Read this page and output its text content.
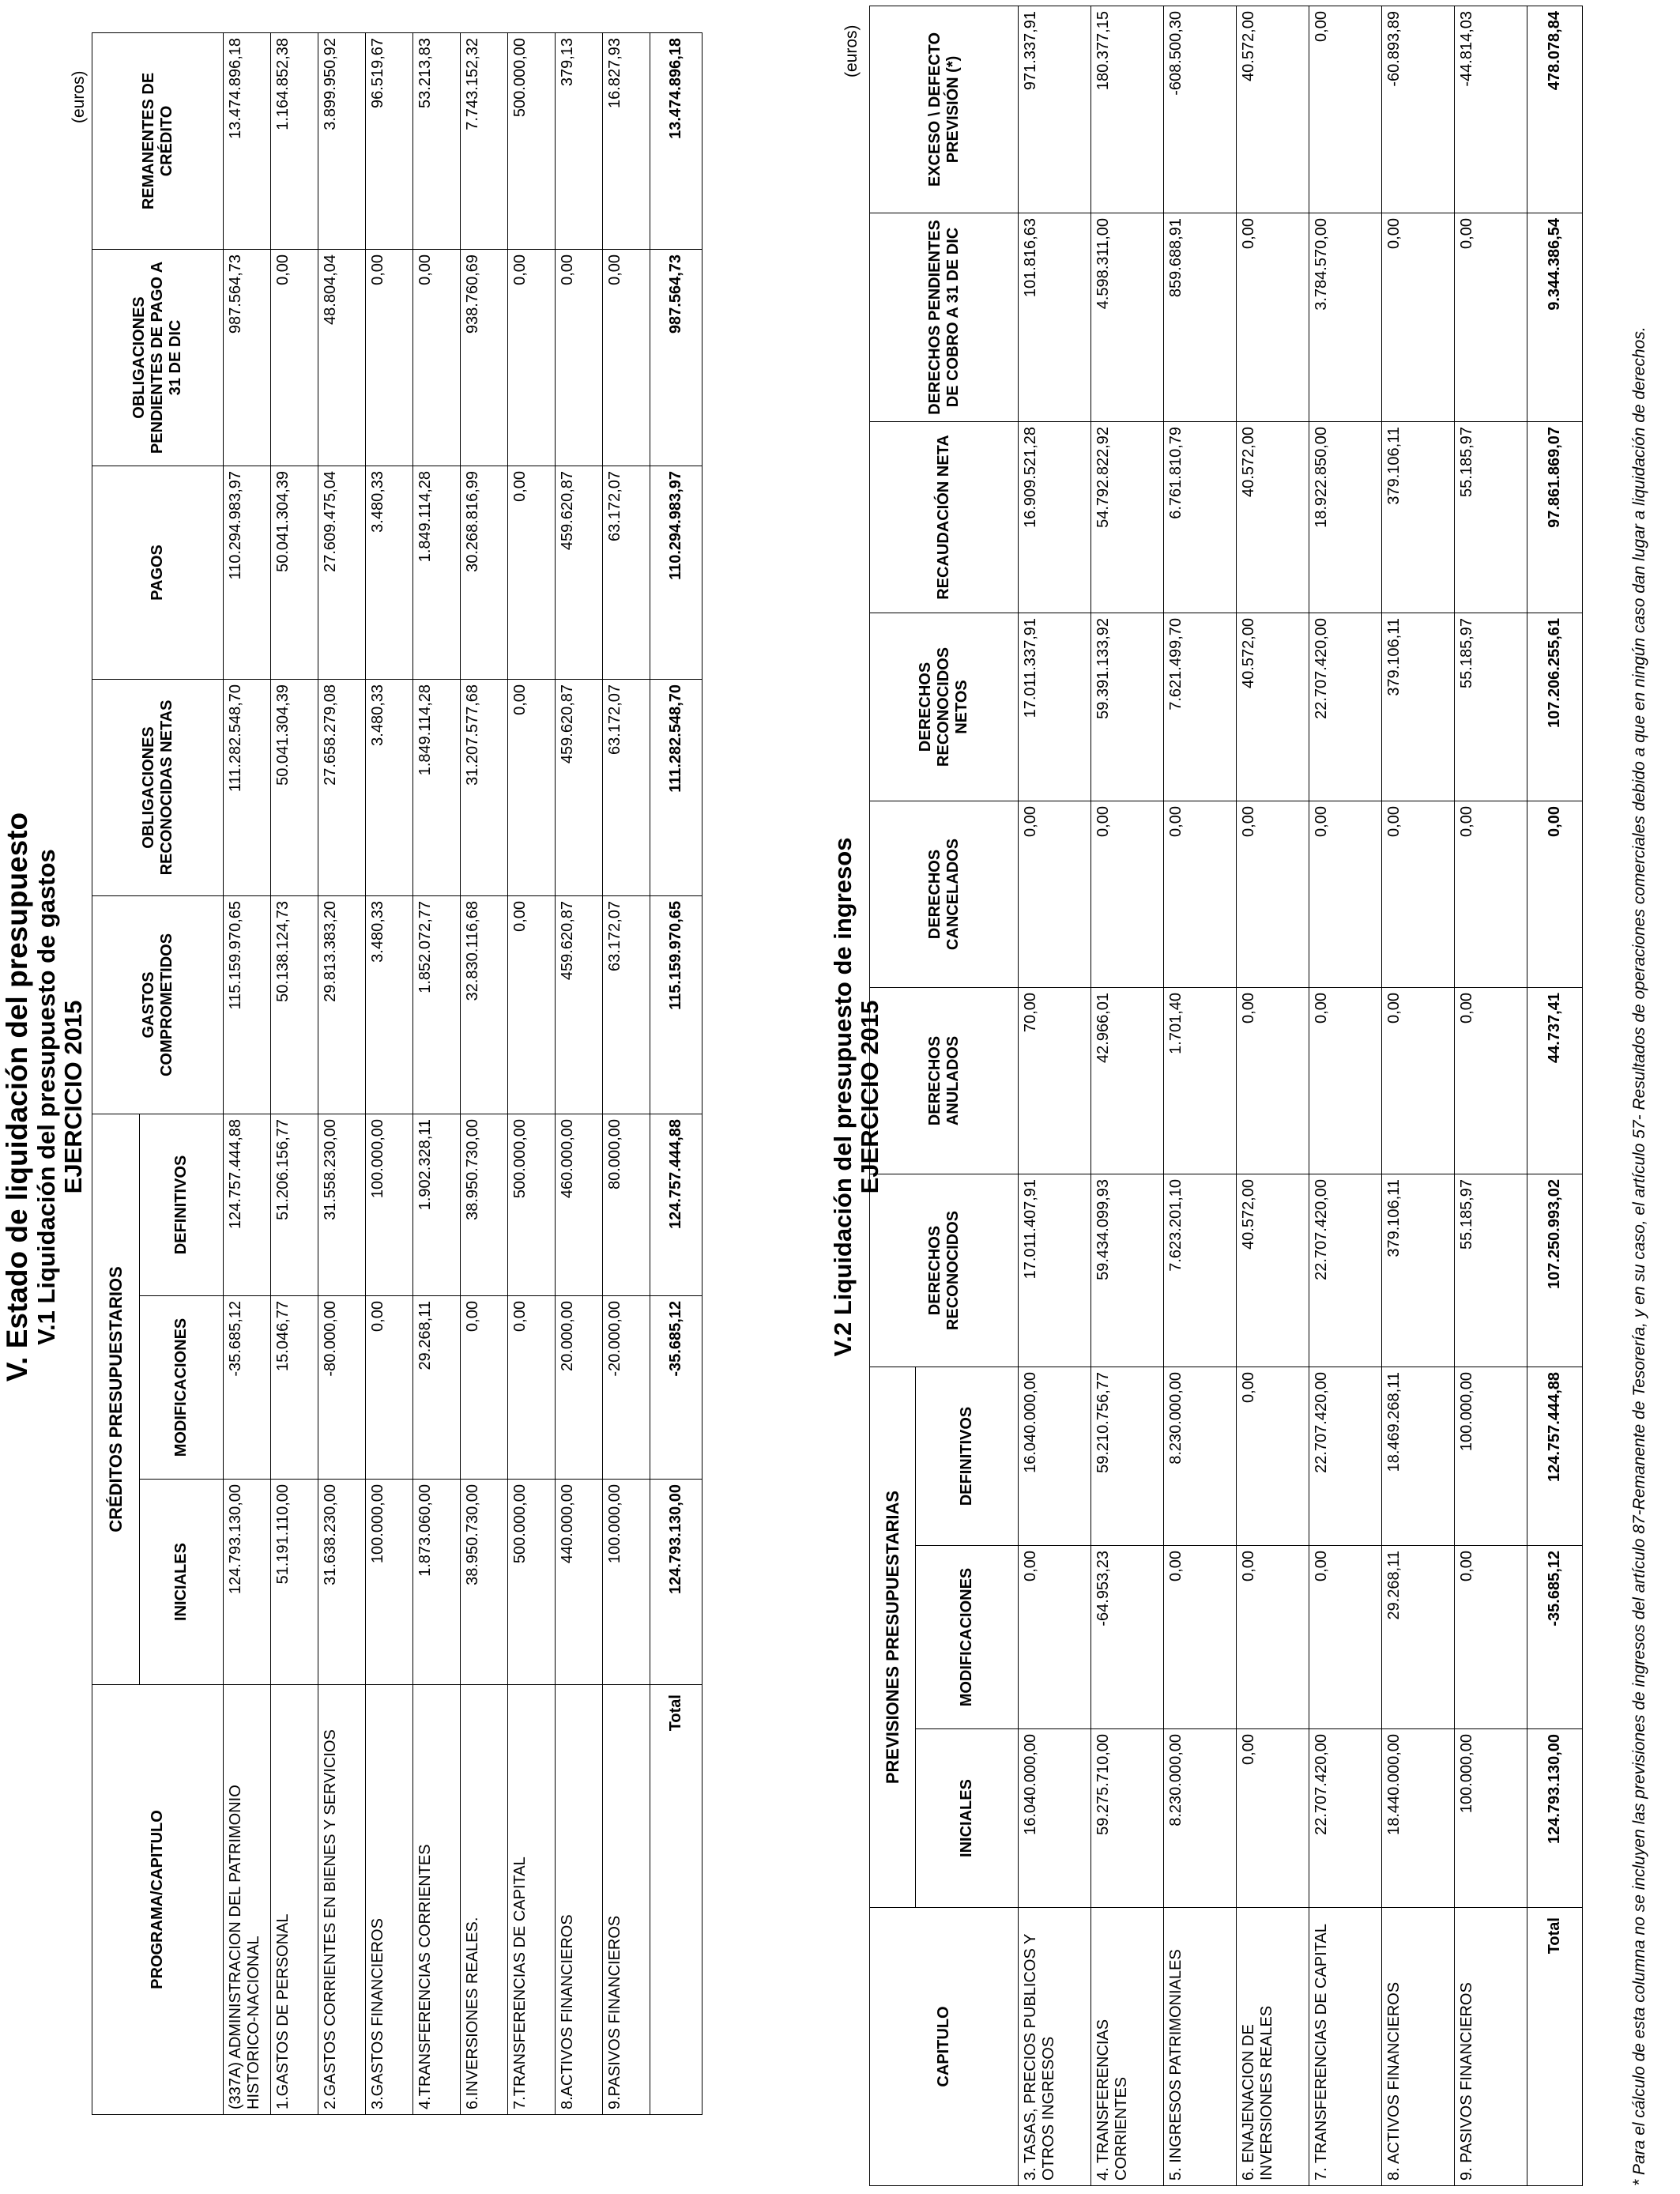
V. Estado de liquidación del presupuesto V.1 Liquidación del presupuesto de gastos EJERCICIO 2015
(euros)
PROGRAMA/CAPITULO	CRÉDITOS PRESUPUESTARIOS			GASTOS COMPROMETIDOS	OBLIGACIONES RECONOCIDAS NETAS	PAGOS	OBLIGACIONES PENDIENTES DE PAGO A 31 DE DIC	REMANENTES DE CRÉDITO
	INICIALES	MODIFICACIONES	DEFINITIVOS					
(337A) ADMINISTRACION DEL PATRIMONIO HISTORICO-NACIONAL	124.793.130,00	-35.685,12	124.757.444,88	115.159.970,65	111.282.548,70	110.294.983,97	987.564,73	13.474.896,18
1.GASTOS DE PERSONAL	51.191.110,00	15.046,77	51.206.156,77	50.138.124,73	50.041.304,39	50.041.304,39	0,00	1.164.852,38
2.GASTOS CORRIENTES EN BIENES Y SERVICIOS	31.638.230,00	-80.000,00	31.558.230,00	29.813.383,20	27.658.279,08	27.609.475,04	48.804,04	3.899.950,92
3.GASTOS FINANCIEROS	100.000,00	0,00	100.000,00	3.480,33	3.480,33	3.480,33	0,00	96.519,67
4.TRANSFERENCIAS CORRIENTES	1.873.060,00	29.268,11	1.902.328,11	1.852.072,77	1.849.114,28	1.849.114,28	0,00	53.213,83
6.INVERSIONES REALES.	38.950.730,00	0,00	38.950.730,00	32.830.116,68	31.207.577,68	30.268.816,99	938.760,69	7.743.152,32
7.TRANSFERENCIAS DE CAPITAL	500.000,00	0,00	500.000,00	0,00	0,00	0,00	0,00	500.000,00
8.ACTIVOS FINANCIEROS	440.000,00	20.000,00	460.000,00	459.620,87	459.620,87	459.620,87	0,00	379,13
9.PASIVOS FINANCIEROS	100.000,00	-20.000,00	80.000,00	63.172,07	63.172,07	63.172,07	0,00	16.827,93
Total	124.793.130,00	-35.685,12	124.757.444,88	115.159.970,65	111.282.548,70	110.294.983,97	987.564,73	13.474.896,18
V.2 Liquidación del presupuesto de ingresos EJERCICIO 2015
(euros)
CAPITULO	PREVISIONES PRESUPUESTARIAS			DERECHOS RECONOCIDOS	DERECHOS ANULADOS	DERECHOS CANCELADOS	DERECHOS RECONOCIDOS NETOS	RECAUDACIÓN NETA	DERECHOS PENDIENTES DE COBRO A 31 DE DIC	EXCESO \ DEFECTO PREVISIÓN (*)
	INICIALES	MODIFICACIONES	DEFINITIVOS							
3. TASAS, PRECIOS PUBLICOS Y OTROS INGRESOS	16.040.000,00	0,00	16.040.000,00	17.011.407,91	70,00	0,00	17.011.337,91	16.909.521,28	101.816,63	971.337,91
4. TRANSFERENCIAS CORRIENTES	59.275.710,00	-64.953,23	59.210.756,77	59.434.099,93	42.966,01	0,00	59.391.133,92	54.792.822,92	4.598.311,00	180.377,15
5. INGRESOS PATRIMONIALES	8.230.000,00	0,00	8.230.000,00	7.623.201,10	1.701,40	0,00	7.621.499,70	6.761.810,79	859.688,91	-608.500,30
6. ENAJENACION DE INVERSIONES REALES	0,00	0,00	0,00	40.572,00	0,00	0,00	40.572,00	40.572,00	0,00	40.572,00
7. TRANSFERENCIAS DE CAPITAL	22.707.420,00	0,00	22.707.420,00	22.707.420,00	0,00	0,00	22.707.420,00	18.922.850,00	3.784.570,00	0,00
8. ACTIVOS FINANCIEROS	18.440.000,00	29.268,11	18.469.268,11	379.106,11	0,00	0,00	379.106,11	379.106,11	0,00	-60.893,89
9. PASIVOS FINANCIEROS	100.000,00	0,00	100.000,00	55.185,97	0,00	0,00	55.185,97	55.185,97	0,00	-44.814,03
Total	124.793.130,00	-35.685,12	124.757.444,88	107.250.993,02	44.737,41	0,00	107.206.255,61	97.861.869,07	9.344.386,54	478.078,84
* Para el cálculo de esta columna no se incluyen las previsiones de ingresos del artículo 87-Remanente de Tesorería, y en su caso, el artículo 57- Resultados de operaciones comerciales debido a que en ningún caso dan lugar a liquidación de derechos.
